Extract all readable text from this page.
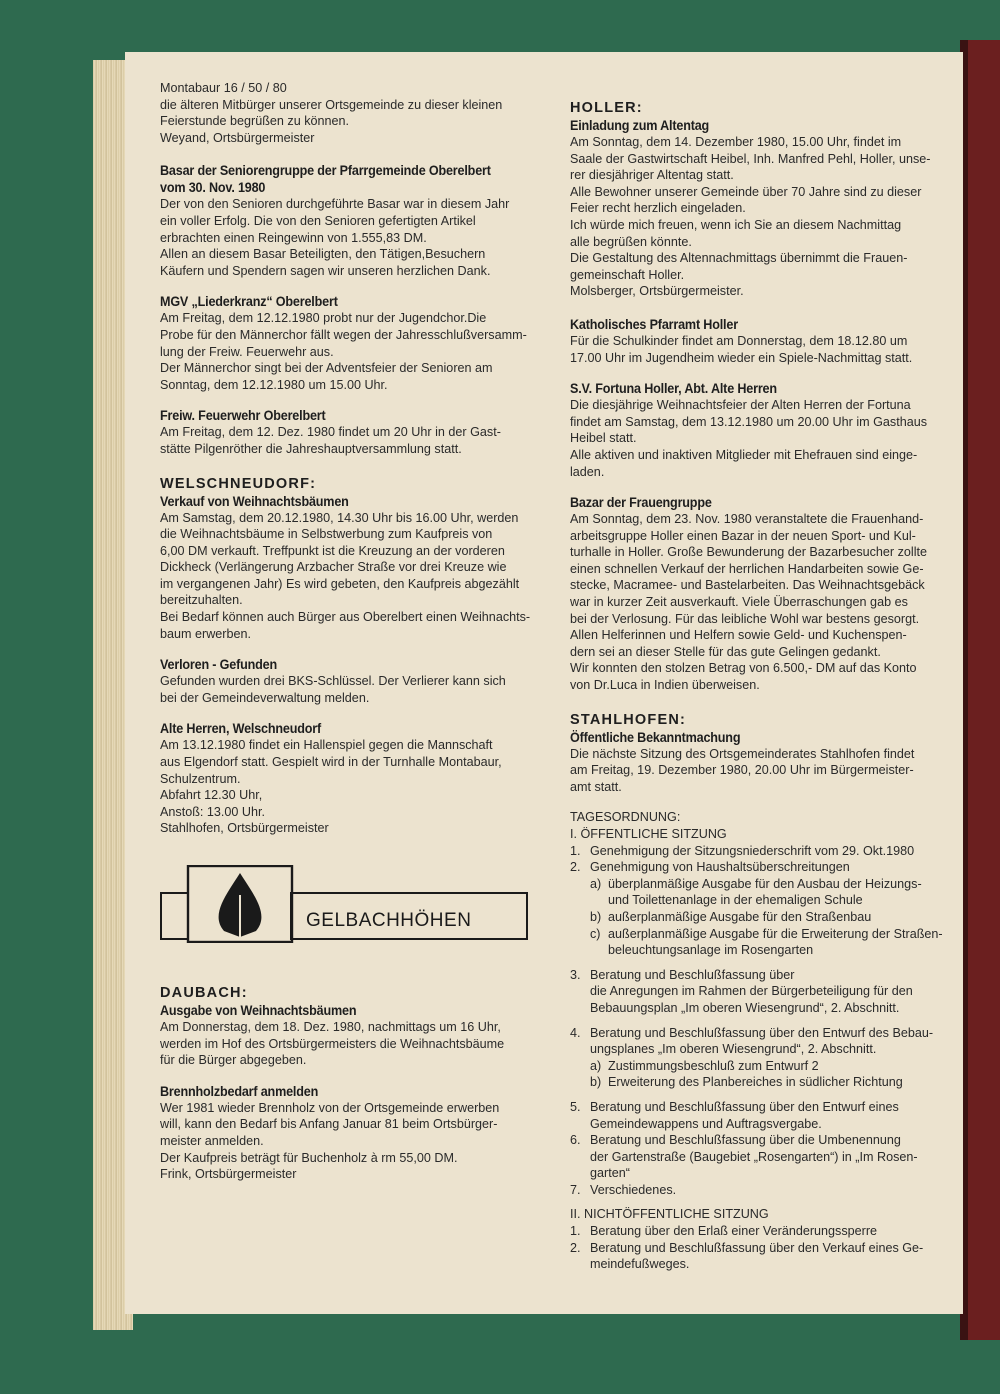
Montabaur 16 / 50 / 80
die älteren Mitbürger unserer Ortsgemeinde zu dieser kleinen
Feierstunde begrüßen zu können.
Weyand, Ortsbürgermeister
Basar der Seniorengruppe der Pfarrgemeinde Oberelbert
vom 30. Nov. 1980
Der von den Senioren durchgeführte Basar war in diesem Jahr
ein voller Erfolg. Die von den Senioren gefertigten Artikel
erbrachten einen Reingewinn von 1.555,83 DM.
Allen an diesem Basar Beteiligten, den Tätigen,Besuchern
Käufern und Spendern sagen wir unseren herzlichen Dank.
MGV „Liederkranz“ Oberelbert
Am Freitag, dem 12.12.1980 probt nur der Jugendchor.Die
Probe für den Männerchor fällt wegen der Jahresschlußversamm-
lung der Freiw. Feuerwehr aus.
Der Männerchor singt bei der Adventsfeier der Senioren am
Sonntag, dem 12.12.1980 um 15.00 Uhr.
Freiw. Feuerwehr Oberelbert
Am Freitag, dem 12. Dez. 1980 findet um 20 Uhr in der Gast-
stätte Pilgenröther die Jahreshauptversammlung statt.
WELSCHNEUDORF:
Verkauf von Weihnachtsbäumen
Am Samstag, dem 20.12.1980, 14.30 Uhr bis 16.00 Uhr, werden
die Weihnachtsbäume in Selbstwerbung zum Kaufpreis von
6,00 DM verkauft. Treffpunkt ist die Kreuzung an der vorderen
Dickheck (Verlängerung Arzbacher Straße vor drei Kreuze wie
im vergangenen Jahr) Es wird gebeten, den Kaufpreis abgezählt
bereitzuhalten.
Bei Bedarf können auch Bürger aus Oberelbert einen Weihnachts-
baum erwerben.
Verloren - Gefunden
Gefunden wurden drei BKS-Schlüssel. Der Verlierer kann sich
bei der Gemeindeverwaltung melden.
Alte Herren, Welschneudorf
Am 13.12.1980 findet ein Hallenspiel gegen die Mannschaft
aus Elgendorf statt. Gespielt wird in der Turnhalle Montabaur,
Schulzentrum.
Abfahrt 12.30 Uhr,
Anstoß: 13.00 Uhr.
Stahlhofen, Ortsbürgermeister
GELBACHHÖHEN
DAUBACH:
Ausgabe von Weihnachtsbäumen
Am Donnerstag, dem 18. Dez. 1980, nachmittags um 16 Uhr,
werden im Hof des Ortsbürgermeisters die Weihnachtsbäume
für die Bürger abgegeben.
Brennholzbedarf anmelden
Wer 1981 wieder Brennholz von der Ortsgemeinde erwerben
will, kann den Bedarf bis Anfang Januar 81 beim Ortsbürger-
meister anmelden.
Der Kaufpreis beträgt für Buchenholz à rm 55,00 DM.
Frink, Ortsbürgermeister
HOLLER:
Einladung zum Altentag
Am Sonntag, dem 14. Dezember 1980, 15.00 Uhr, findet im
Saale der Gastwirtschaft Heibel, Inh. Manfred Pehl, Holler, unse-
rer diesjähriger Altentag statt.
Alle Bewohner unserer Gemeinde über 70 Jahre sind zu dieser
Feier recht herzlich eingeladen.
Ich würde mich freuen, wenn ich Sie an diesem Nachmittag
alle begrüßen könnte.
Die Gestaltung des Altennachmittags übernimmt die Frauen-
gemeinschaft Holler.
Molsberger, Ortsbürgermeister.
Katholisches Pfarramt Holler
Für die Schulkinder findet am Donnerstag, dem 18.12.80 um
17.00 Uhr im Jugendheim wieder ein Spiele-Nachmittag statt.
S.V. Fortuna Holler, Abt. Alte Herren
Die diesjährige Weihnachtsfeier der Alten Herren der Fortuna
findet am Samstag, dem 13.12.1980 um 20.00 Uhr im Gasthaus
Heibel statt.
Alle aktiven und inaktiven Mitglieder mit Ehefrauen sind einge-
laden.
Bazar der Frauengruppe
Am Sonntag, dem 23. Nov. 1980 veranstaltete die Frauenhand-
arbeitsgruppe Holler einen Bazar in der neuen Sport- und Kul-
turhalle in Holler. Große Bewunderung der Bazarbesucher zollte
einen schnellen Verkauf der herrlichen Handarbeiten sowie Ge-
stecke, Macramee- und Bastelarbeiten. Das Weihnachtsgebäck
war in kurzer Zeit ausverkauft. Viele Überraschungen gab es
bei der Verlosung. Für das leibliche Wohl war bestens gesorgt.
Allen Helferinnen und Helfern sowie Geld- und Kuchenspen-
dern sei an dieser Stelle für das gute Gelingen gedankt.
Wir konnten den stolzen Betrag von 6.500,- DM auf das Konto
von Dr.Luca in Indien überweisen.
STAHLHOFEN:
Öffentliche Bekanntmachung
Die nächste Sitzung des Ortsgemeinderates Stahlhofen findet
am Freitag, 19. Dezember 1980, 20.00 Uhr im Bürgermeister-
amt statt.
TAGESORDNUNG:
I. ÖFFENTLICHE SITZUNG
1. Genehmigung der Sitzungsniederschrift vom 29. Okt.1980
2. Genehmigung von Haushaltsüberschreitungen
a) überplanmäßige Ausgabe für den Ausbau der Heizungs-
und Toilettenanlage in der ehemaligen Schule
b) außerplanmäßige Ausgabe für den Straßenbau
c) außerplanmäßige Ausgabe für die Erweiterung der Straßen-
beleuchtungsanlage im Rosengarten
3. Beratung und Beschlußfassung über
die Anregungen im Rahmen der Bürgerbeteiligung für den
Bebauungsplan „Im oberen Wiesengrund“, 2. Abschnitt.
4. Beratung und Beschlußfassung über den Entwurf des Bebau-
ungsplanes „Im oberen Wiesengrund“, 2. Abschnitt.
a) Zustimmungsbeschluß zum Entwurf 2
b) Erweiterung des Planbereiches in südlicher Richtung
5. Beratung und Beschlußfassung über den Entwurf eines
Gemeindewappens und Auftragsvergabe.
6. Beratung und Beschlußfassung über die Umbenennung
der Gartenstraße (Baugebiet „Rosengarten“) in „Im Rosen-
garten“
7. Verschiedenes.
II. NICHTÖFFENTLICHE SITZUNG
1. Beratung über den Erlaß einer Veränderungssperre
2. Beratung und Beschlußfassung über den Verkauf eines Ge-
meindefußweges.
